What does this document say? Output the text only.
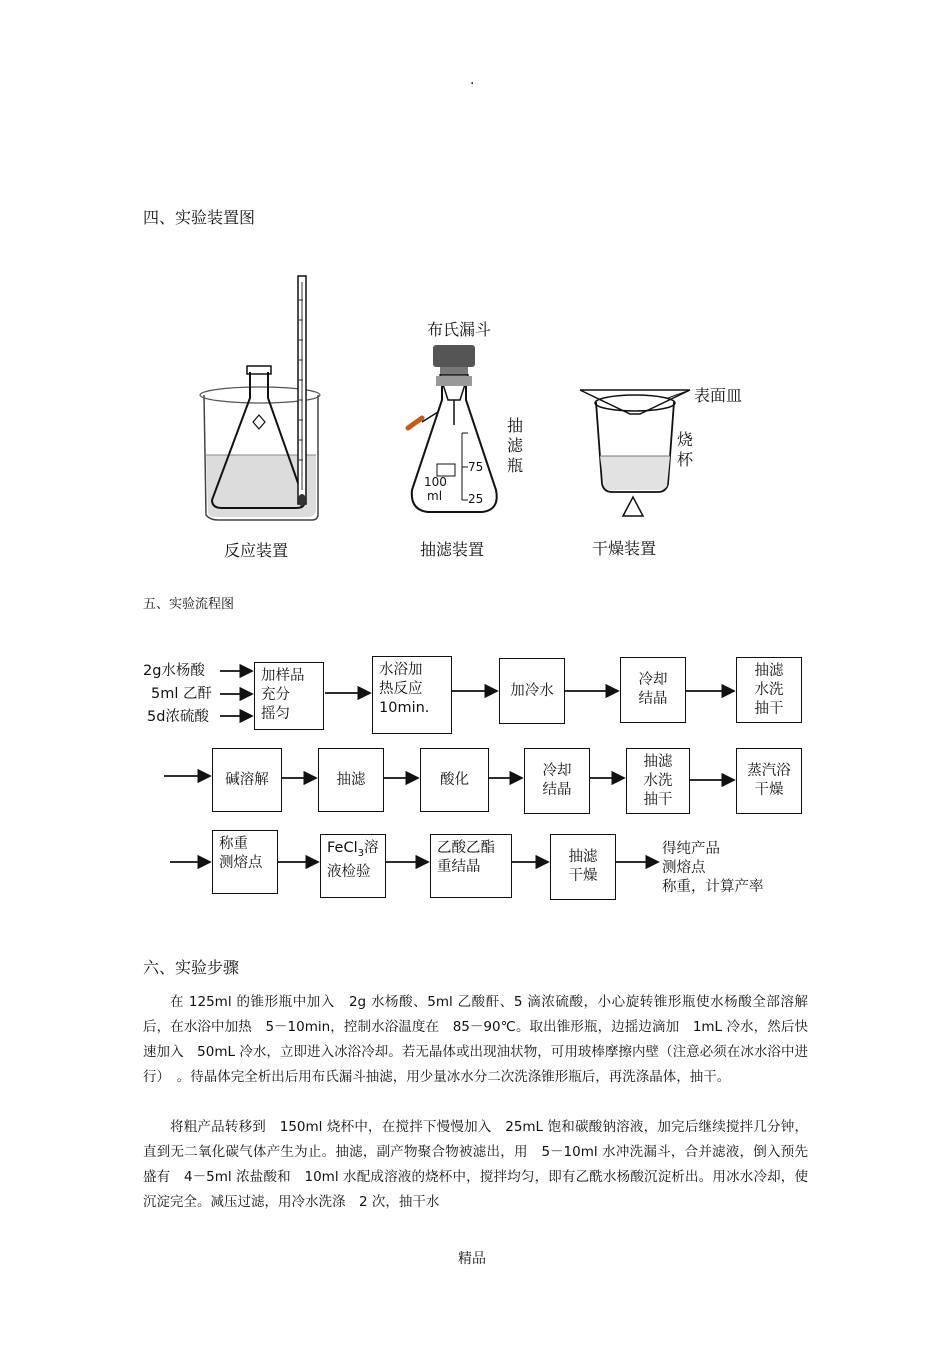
.
四、实验装置图
布氏漏斗
抽滤瓶
100
ml
75
25
表面皿
烧杯
反应装置	抽滤装置	干燥装置
五、实验流程图
2g水杨酸
5ml 乙酐
5d浓硫酸
加样品
充分
摇匀
水浴加
热反应
10min.
加冷水
冷却
结晶
抽滤
水洗
抽干
碱溶解	抽滤	酸化
冷却
结晶
抽滤
水洗
抽干
蒸汽浴
干燥
称重
测熔点
FeCl$_3$溶
液检验
乙酸乙酯
重结晶
抽滤
干燥
得纯产品
测熔点
称重，计算产率
六、实验步骤
在 125ml 的锥形瓶中加入　2g 水杨酸、5ml 乙酸酐、5 滴浓硫酸，小心旋转锥形瓶使水杨酸全部溶解后，在水浴中加热　5－10min，控制水浴温度在　85－90℃。取出锥形瓶，边摇边滴加　1mL 冷水，然后快速加入　50mL 冷水，立即进入冰浴冷却。若无晶体或出现油状物，可用玻棒摩擦内壁（注意必须在冰水浴中进行）　。待晶体完全析出后用布氏漏斗抽滤，用少量冰水分二次洗涤锥形瓶后，再洗涤晶体，抽干。
将粗产品转移到　150ml 烧杯中，在搅拌下慢慢加入　25mL 饱和碳酸钠溶液，加完后继续搅拌几分钟，直到无二氧化碳气体产生为止。抽滤，副产物聚合物被滤出，用　5－10ml 水冲洗漏斗，合并滤液，倒入预先盛有　4－5ml 浓盐酸和　10ml 水配成溶液的烧杯中，搅拌均匀，即有乙酰水杨酸沉淀析出。用冰水冷却，使沉淀完全。减压过滤，用冷水洗涤　2 次，抽干水
精品
